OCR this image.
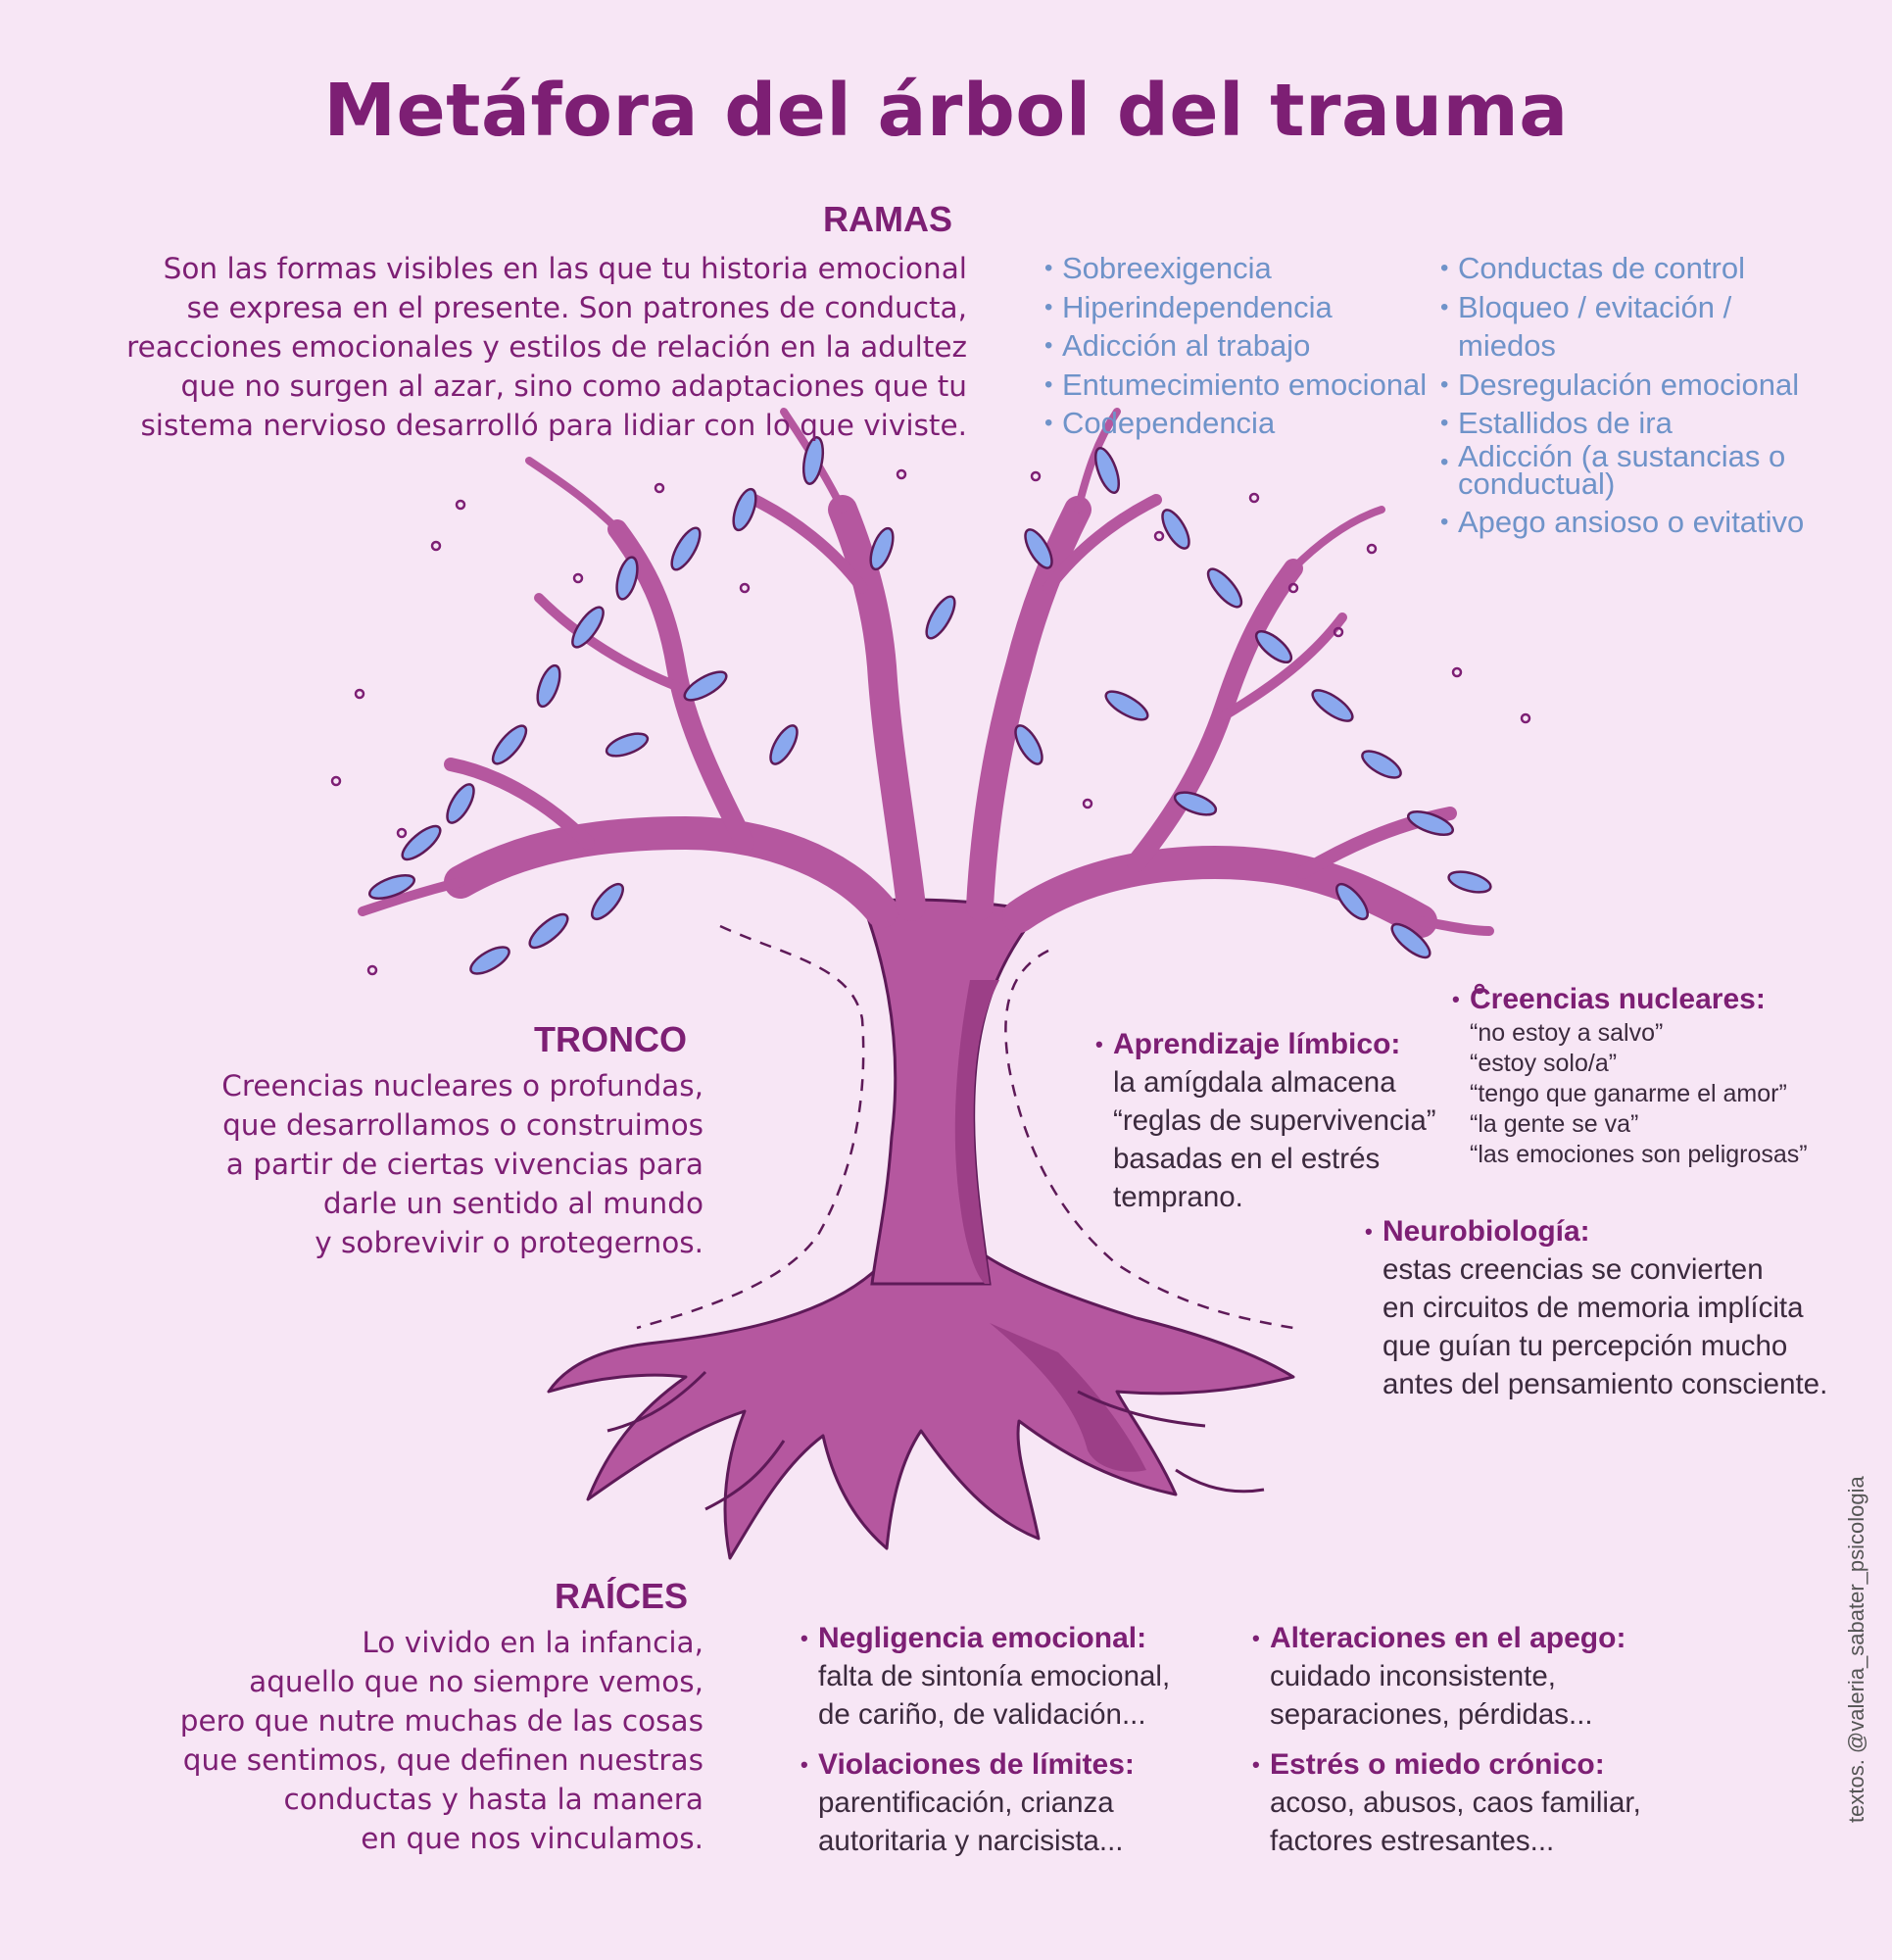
Metáfora del árbol del trauma
RAMAS
Son las formas visibles en las que tu historia emocional
se expresa en el presente. Son patrones de conducta,
reacciones emocionales y estilos de relación en la adultez
que no surgen al azar, sino como adaptaciones que tu
sistema nervioso desarrolló para lidiar con lo que viviste.
• Sobreexigencia
• Hiperindependencia
• Adicción al trabajo
• Entumecimiento emocional
• Codependencia
• Conductas de control
• Bloqueo / evitación / miedos
• Desregulación emocional
• Estallidos de ira
• Adicción (a sustancias o conductual)
• Apego ansioso o evitativo
TRONCO
Creencias nucleares o profundas,
que desarrollamos o construimos
a partir de ciertas vivencias para
darle un sentido al mundo
y sobrevivir o protegernos.
• Aprendizaje límbico:
la amígdala almacena
“reglas de supervivencia”
basadas en el estrés
temprano.
• Creencias nucleares:
“no estoy a salvo”
“estoy solo/a”
“tengo que ganarme el amor”
“la gente se va”
“las emociones son peligrosas”
• Neurobiología:
estas creencias se convierten
en circuitos de memoria implícita
que guían tu percepción mucho
antes del pensamiento consciente.
RAÍCES
Lo vivido en la infancia,
aquello que no siempre vemos,
pero que nutre muchas de las cosas
que sentimos, que definen nuestras
conductas y hasta la manera
en que nos vinculamos.
• Negligencia emocional:
falta de sintonía emocional,
de cariño, de validación...
• Violaciones de límites:
parentificación, crianza
autoritaria y narcisista...
• Alteraciones en el apego:
cuidado inconsistente,
separaciones, pérdidas...
• Estrés o miedo crónico:
acoso, abusos, caos familiar,
factores estresantes...
textos. @valeria_sabater_psicologia
